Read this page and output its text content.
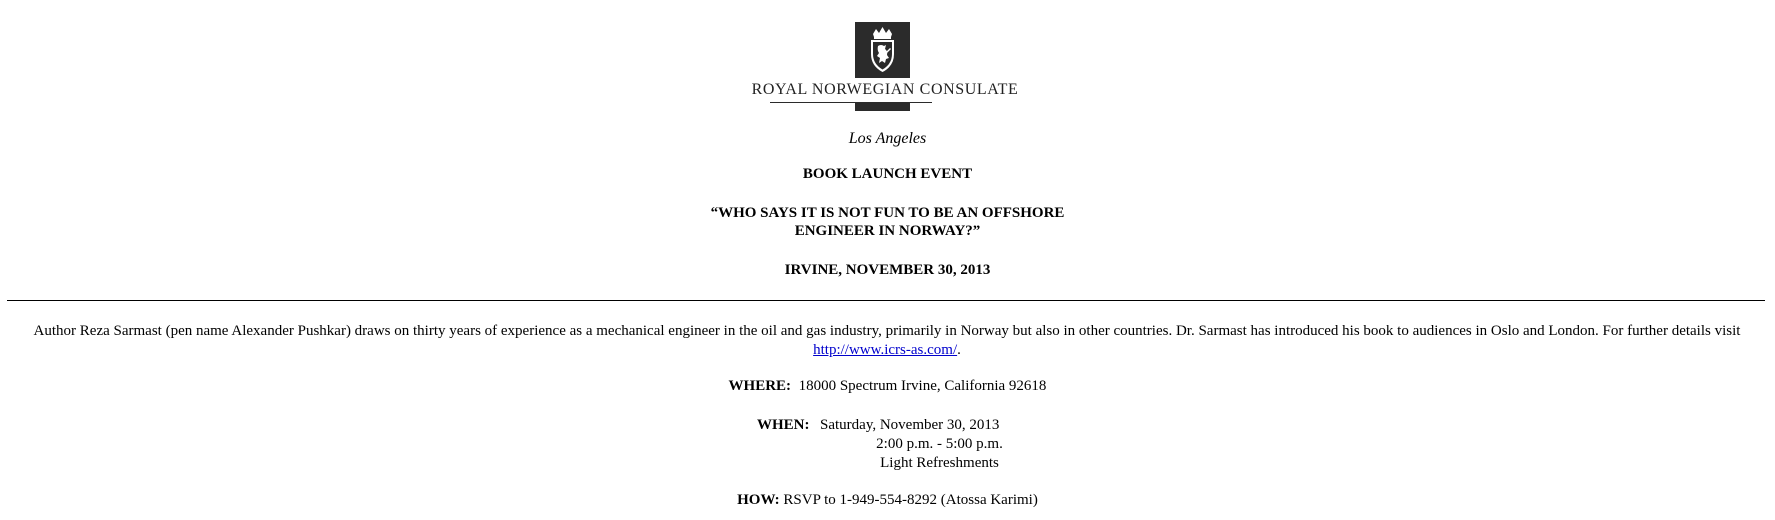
ROYAL NORWEGIAN CONSULATE
Los Angeles
BOOK LAUNCH EVENT
“WHO SAYS IT IS NOT FUN TO BE AN OFFSHORE
ENGINEER IN NORWAY?”
IRVINE, NOVEMBER 30, 2013
Author Reza Sarmast (pen name Alexander Pushkar) draws on thirty years of experience as a mechanical engineer in the oil and gas industry, primarily in Norway but also in other countries. Dr. Sarmast has introduced his book to audiences in Oslo and London. For further details visit http://www.icrs-as.com/.
WHERE: 18000 Spectrum Irvine, California 92618
WHEN: Saturday, November 30, 2013
2:00 p.m. - 5:00 p.m.
Light Refreshments
HOW: RSVP to 1-949-554-8292 (Atossa Karimi)
